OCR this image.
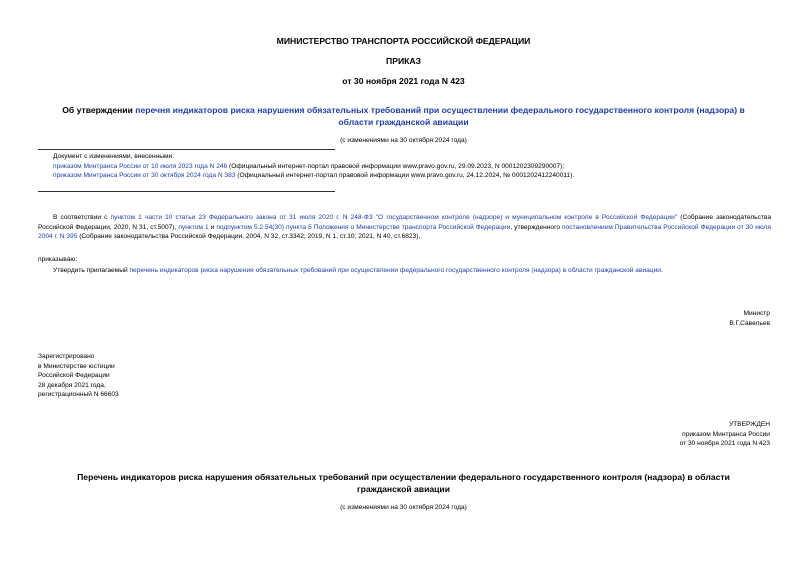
МИНИСТЕРСТВО ТРАНСПОРТА РОССИЙСКОЙ ФЕДЕРАЦИИ
ПРИКАЗ
от 30 ноября 2021 года N 423
Об утверждении перечня индикаторов риска нарушения обязательных требований при осуществлении федерального государственного контроля (надзора) в
области гражданской авиации
(с изменениями на 30 октября 2024 года)
Документ с изменениями, внесенными:
приказом Минтранса России от 10 июля 2023 года N 246 (Официальный интернет-портал правовой информации www.pravo.gov.ru, 29.09.2023, N 0001202309290007);
приказом Минтранса России от 30 октября 2024 года N 383 (Официальный интернет-портал правовой информации www.pravo.gov.ru, 24.12.2024, № 0001202412240011).
В соответствии с пунктом 1 части 10 статьи 23 Федерального закона от 31 июля 2020 г. N 248-ФЗ "О государственном контроле (надзоре) и муниципальном контроле в Российской Федерации" (Собрание законодательства Российской Федерации, 2020, N 31, ст.5007), пунктом 1 и подпунктом 5.2.54(30) пункта 5 Положения о Министерстве транспорта Российской Федерации, утвержденного постановлением Правительства Российской Федерации от 30 июля 2004 г. N 395 (Собрание законодательства Российской Федерации, 2004, N 32, ст.3342; 2019, N 1, ст.10; 2021, N 40, ст.6823),
приказываю:
Утвердить прилагаемый перечень индикаторов риска нарушения обязательных требований при осуществлении федерального государственного контроля (надзора) в области гражданской авиации.
Министр
В.Г.Савельев
Зарегистрировано
в Министерстве юстиции
Российской Федерации
28 декабря 2021 года,
регистрационный N 66603
УТВЕРЖДЕН
приказом Минтранса России
от 30 ноября 2021 года N 423
Перечень индикаторов риска нарушения обязательных требований при осуществлении федерального государственного контроля (надзора) в области
гражданской авиации
(с изменениями на 30 октября 2024 года)
